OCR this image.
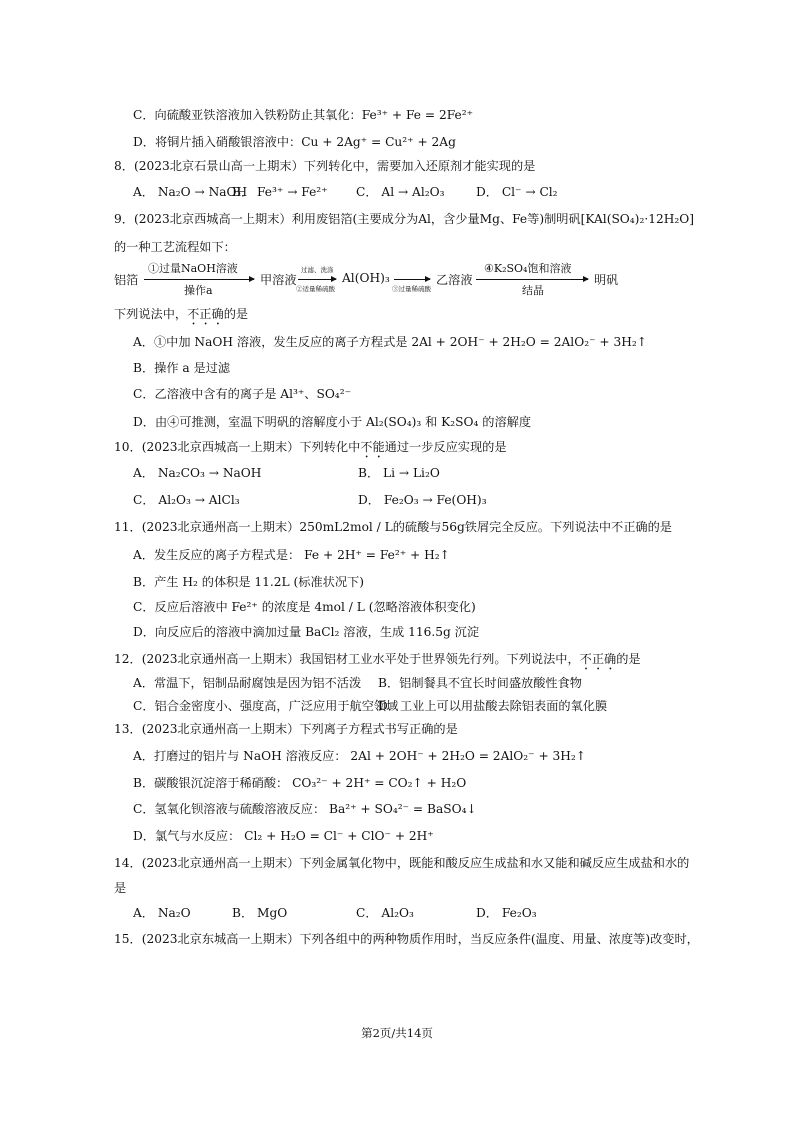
C．向硫酸亚铁溶液加入铁粉防止其氧化：Fe³⁺ + Fe = 2Fe²⁺
D．将铜片插入硝酸银溶液中：Cu + 2Ag⁺ = Cu²⁺ + 2Ag
8．(2023北京石景山高一上期末）下列转化中，需要加入还原剂才能实现的是
A． Na₂O → NaOH
B． Fe³⁺ → Fe²⁺ C． Al → Al₂O₃	D． Cl⁻ → Cl₂
9．(2023北京西城高一上期末）利用废铝箔(主要成分为Al，含少量Mg、Fe等)制明矾[KAl(SO₄)₂·12H₂O]
的一种工艺流程如下：
铝箔
①过量NaOH溶液
操作a
甲溶液
过滤、洗涤
②适量稀硫酸
Al(OH)₃
③过量稀硫酸
乙溶液
④K₂SO₄饱和溶液
结晶
明矾
下列说法中，不正确的是
A．①中加 NaOH 溶液，发生反应的离子方程式是 2Al + 2OH⁻ + 2H₂O = 2AlO₂⁻ + 3H₂↑
B．操作 a 是过滤
C．乙溶液中含有的离子是 Al³⁺、SO₄²⁻
D．由④可推测，室温下明矾的溶解度小于 Al₂(SO₄)₃ 和 K₂SO₄ 的溶解度
10．(2023北京西城高一上期末）下列转化中不能通过一步反应实现的是
A． Na₂CO₃ → NaOH	B． Li → Li₂O
C． Al₂O₃ → AlCl₃	D． Fe₂O₃ → Fe(OH)₃
11．(2023北京通州高一上期末）250mL2mol / L的硫酸与56g铁屑完全反应。下列说法中不正确的是
A．发生反应的离子方程式是： Fe + 2H⁺ = Fe²⁺ + H₂↑
B．产生 H₂ 的体积是 11.2L (标准状况下)
C．反应后溶液中 Fe²⁺ 的浓度是 4mol / L (忽略溶液体积变化)
D．向反应后的溶液中滴加过量 BaCl₂ 溶液，生成 116.5g 沉淀
12．(2023北京通州高一上期末）我国铝材工业水平处于世界领先行列。下列说法中，不正确的是
A．常温下，铝制品耐腐蚀是因为铝不活泼 B．铝制餐具不宜长时间盛放酸性食物
C．铝合金密度小、强度高，广泛应用于航空领域
D．工业上可以用盐酸去除铝表面的氧化膜
13．(2023北京通州高一上期末）下列离子方程式书写正确的是
A．打磨过的铝片与 NaOH 溶液反应： 2Al + 2OH⁻ + 2H₂O = 2AlO₂⁻ + 3H₂↑
B．碳酸银沉淀溶于稀硝酸： CO₃²⁻ + 2H⁺ = CO₂↑ + H₂O
C．氢氧化钡溶液与硫酸溶液反应： Ba²⁺ + SO₄²⁻ = BaSO₄↓
D．氯气与水反应： Cl₂ + H₂O = Cl⁻ + ClO⁻ + 2H⁺
14．(2023北京通州高一上期末）下列金属氧化物中，既能和酸反应生成盐和水又能和碱反应生成盐和水的
是
A． Na₂O	B． MgO	C． Al₂O₃	D． Fe₂O₃
15．(2023北京东城高一上期末）下列各组中的两种物质作用时，当反应条件(温度、用量、浓度等)改变时，
第2页/共14页
